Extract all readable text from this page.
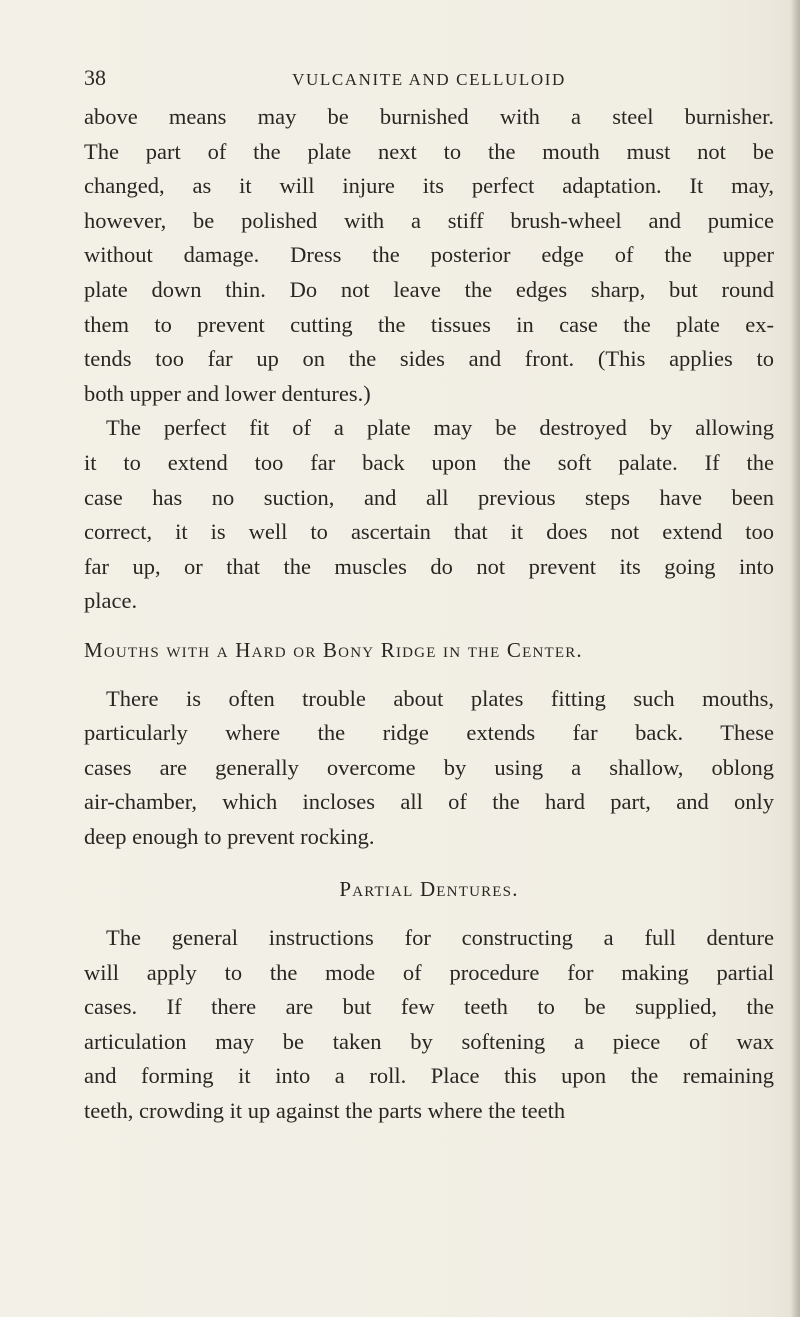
38	VULCANITE AND CELLULOID
above means may be burnished with a steel burnisher.
The part of the plate next to the mouth must not be
changed, as it will injure its perfect adaptation. It may,
however, be polished with a stiff brush-wheel and pumice
without damage. Dress the posterior edge of the upper
plate down thin. Do not leave the edges sharp, but round
them to prevent cutting the tissues in case the plate ex-
tends too far up on the sides and front. (This applies to
both upper and lower dentures.)
The perfect fit of a plate may be destroyed by allowing
it to extend too far back upon the soft palate. If the
case has no suction, and all previous steps have been
correct, it is well to ascertain that it does not extend too
far up, or that the muscles do not prevent its going into
place.
Mouths with a Hard or Bony Ridge in the Center.
There is often trouble about plates fitting such mouths,
particularly where the ridge extends far back. These
cases are generally overcome by using a shallow, oblong
air-chamber, which incloses all of the hard part, and only
deep enough to prevent rocking.
Partial Dentures.
The general instructions for constructing a full denture
will apply to the mode of procedure for making partial
cases. If there are but few teeth to be supplied, the
articulation may be taken by softening a piece of wax
and forming it into a roll. Place this upon the remaining
teeth, crowding it up against the parts where the teeth
